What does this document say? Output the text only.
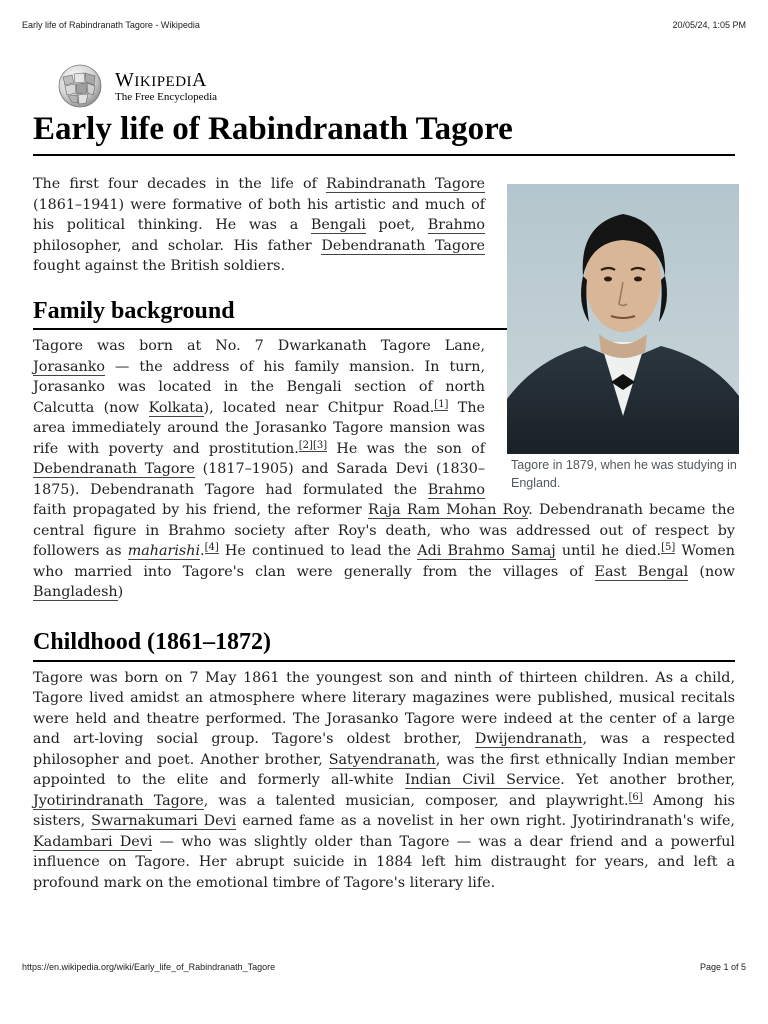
Early life of Rabindranath Tagore - Wikipedia	20/05/24, 1:05 PM
WIKIPEDIA
The Free Encyclopedia
Early life of Rabindranath Tagore
Tagore in 1879, when he was studying in England.

The first four decades in the life of Rabindranath Tagore (1861–1941) were formative of both his artistic and much of his political thinking. He was a Bengali poet, Brahmo philosopher, and scholar. His father Debendranath Tagore fought against the British soldiers.

Family background

Tagore was born at No. 7 Dwarkanath Tagore Lane, Jorasanko — the address of his family mansion. In turn, Jorasanko was located in the Bengali section of north Calcutta (now Kolkata), located near Chitpur Road.[1] The area immediately around the Jorasanko Tagore mansion was rife with poverty and prostitution.[2][3] He was the son of Debendranath Tagore (1817–1905) and Sarada Devi (1830–1875). Debendranath Tagore had formulated the Brahmo faith propagated by his friend, the reformer Raja Ram Mohan Roy. Debendranath became the central figure in Brahmo society after Roy's death, who was addressed out of respect by followers as maharishi.[4] He continued to lead the Adi Brahmo Samaj until he died.[5] Women who married into Tagore's clan were generally from the villages of East Bengal (now Bangladesh)

Childhood (1861–1872)

Tagore was born on 7 May 1861 the youngest son and ninth of thirteen children. As a child, Tagore lived amidst an atmosphere where literary magazines were published, musical recitals were held and theatre performed. The Jorasanko Tagore were indeed at the center of a large and art-loving social group. Tagore's oldest brother, Dwijendranath, was a respected philosopher and poet. Another brother, Satyendranath, was the first ethnically Indian member appointed to the elite and formerly all-white Indian Civil Service. Yet another brother, Jyotirindranath Tagore, was a talented musician, composer, and playwright.[6] Among his sisters, Swarnakumari Devi earned fame as a novelist in her own right. Jyotirindranath's wife, Kadambari Devi — who was slightly older than Tagore — was a dear friend and a powerful influence on Tagore. Her abrupt suicide in 1884 left him distraught for years, and left a profound mark on the emotional timbre of Tagore's literary life.

https://en.wikipedia.org/wiki/Early_life_of_Rabindranath_Tagore	Page 1 of 5
